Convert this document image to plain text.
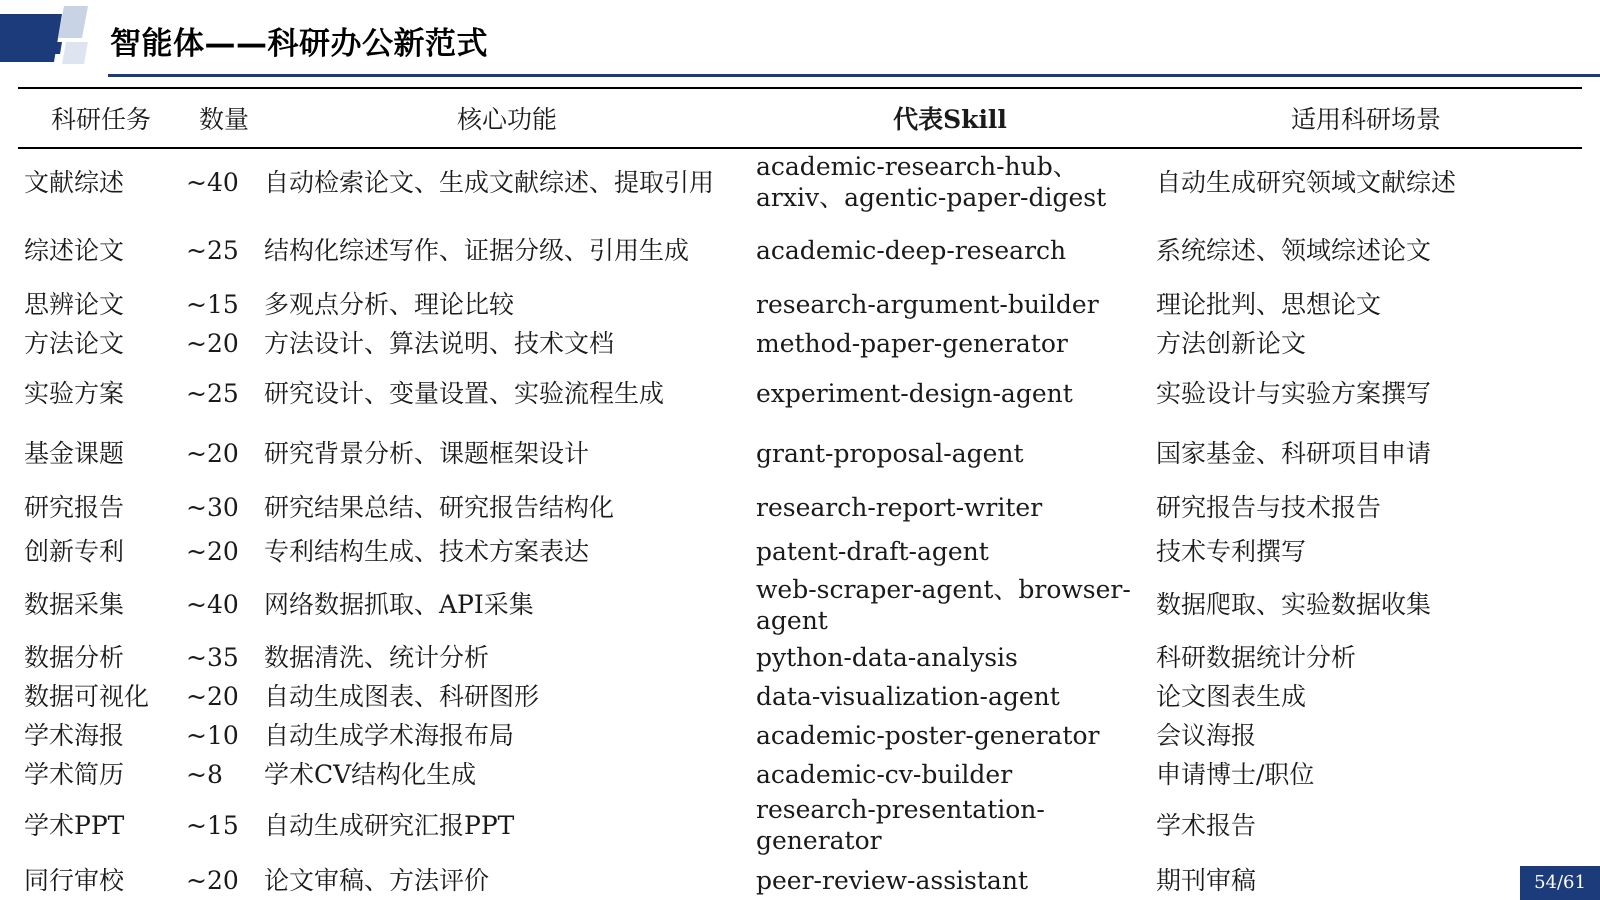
智能体——科研办公新范式
科研任务	数量	核心功能	代表Skill	适用科研场景
文献综述	~40	自动检索论文、生成文献综述、提取引用	academic-research-hub、arxiv、agentic-paper-digest	自动生成研究领域文献综述
综述论文	~25	结构化综述写作、证据分级、引用生成	academic-deep-research	系统综述、领域综述论文
思辨论文	~15	多观点分析、理论比较	research-argument-builder	理论批判、思想论文
方法论文	~20	方法设计、算法说明、技术文档	method-paper-generator	方法创新论文
实验方案	~25	研究设计、变量设置、实验流程生成	experiment-design-agent	实验设计与实验方案撰写
基金课题	~20	研究背景分析、课题框架设计	grant-proposal-agent	国家基金、科研项目申请
研究报告	~30	研究结果总结、研究报告结构化	research-report-writer	研究报告与技术报告
创新专利	~20	专利结构生成、技术方案表达	patent-draft-agent	技术专利撰写
数据采集	~40	网络数据抓取、API采集	web-scraper-agent、browser-agent	数据爬取、实验数据收集
数据分析	~35	数据清洗、统计分析	python-data-analysis	科研数据统计分析
数据可视化	~20	自动生成图表、科研图形	data-visualization-agent	论文图表生成
学术海报	~10	自动生成学术海报布局	academic-poster-generator	会议海报
学术简历	~8	学术CV结构化生成	academic-cv-builder	申请博士/职位
学术PPT	~15	自动生成研究汇报PPT	research-presentation-generator	学术报告
同行审校	~20	论文审稿、方法评价	peer-review-assistant	期刊审稿	54/61
